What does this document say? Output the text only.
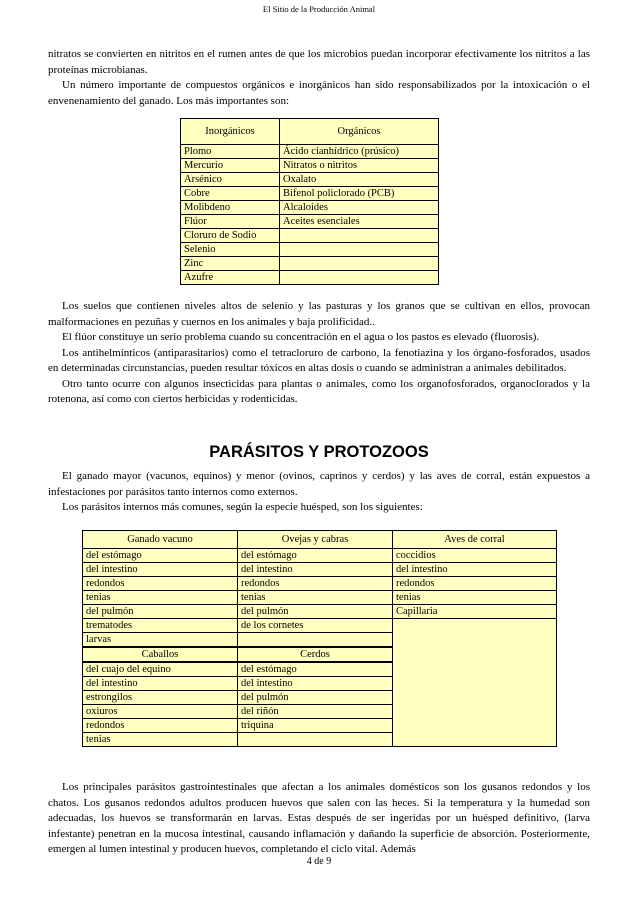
El Sitio de la Producción Animal

nitratos se convierten en nitritos en el rumen antes de que los microbios puedan incorporar efectivamente los nitritos a las proteínas microbianas.

Un número importante de compuestos orgánicos e inorgánicos han sido responsabilizados por la intoxicación o el envenenamiento del ganado. Los más importantes son:

Inorgánicos	Orgánicos
Plomo	Ácido cianhídrico (prúsico)
Mercurio	Nitratos o nitritos
Arsénico	Oxalato
Cobre	Bifenol policlorado (PCB)
Molibdeno	Alcaloides
Flúor	Aceites esenciales
Cloruro de Sodio	
Selenio	
Zinc	
Azufre	

Los suelos que contienen niveles altos de selenio y las pasturas y los granos que se cultivan en ellos, provocan malformaciones en pezuñas y cuernos en los animales y baja prolificidad..

El flúor constituye un serio problema cuando su concentración en el agua o los pastos es elevado (fluorosis).

Los antihelmínticos (antiparasitarios) como el tetracloruro de carbono, la fenotiazina y los órgano-fosforados, usados en determinadas circunstancias, pueden resultar tóxicos en altas dosis o cuando se administran a animales debilitados.

Otro tanto ocurre con algunos insecticidas para plantas o animales, como los organofosforados, organoclorados y la rotenona, así como con ciertos herbicidas y rodenticidas.

PARÁSITOS Y PROTOZOOS

El ganado mayor (vacunos, equinos) y menor (ovinos, caprinos y cerdos) y las aves de corral, están expuestos a infestaciones por parásitos tanto internos como externos.

Los parásitos internos más comunes, según la especie huésped, son los siguientes:

Ganado vacuno	Ovejas y cabras	Aves de corral
del estómago	del estómago	coccidios
del intestino	del intestino	del intestino
redondos	redondos	redondos
tenias	tenias	tenias
del pulmón	del pulmón	Capillaria
trematodes	de los cornetes	
larvas		
Caballos	Cerdos	
del cuajo del equino	del estómago	
del intestino	del intestino	
estrongilos	del pulmón	
oxiuros	del riñón	
redondos	triquina	
tenias		

Los principales parásitos gastrointestinales que afectan a los animales domésticos son los gusanos redondos y los chatos. Los gusanos redondos adultos producen huevos que salen con las heces. Si la temperatura y la humedad son adecuadas, los huevos se transformarán en larvas. Estas después de ser ingeridas por un huésped definitivo, (larva infestante) penetran en la mucosa intestinal, causando inflamación y dañando la superficie de absorción. Posteriormente, emergen al lumen intestinal y producen huevos, completando el ciclo vital. Además

4 de 9
